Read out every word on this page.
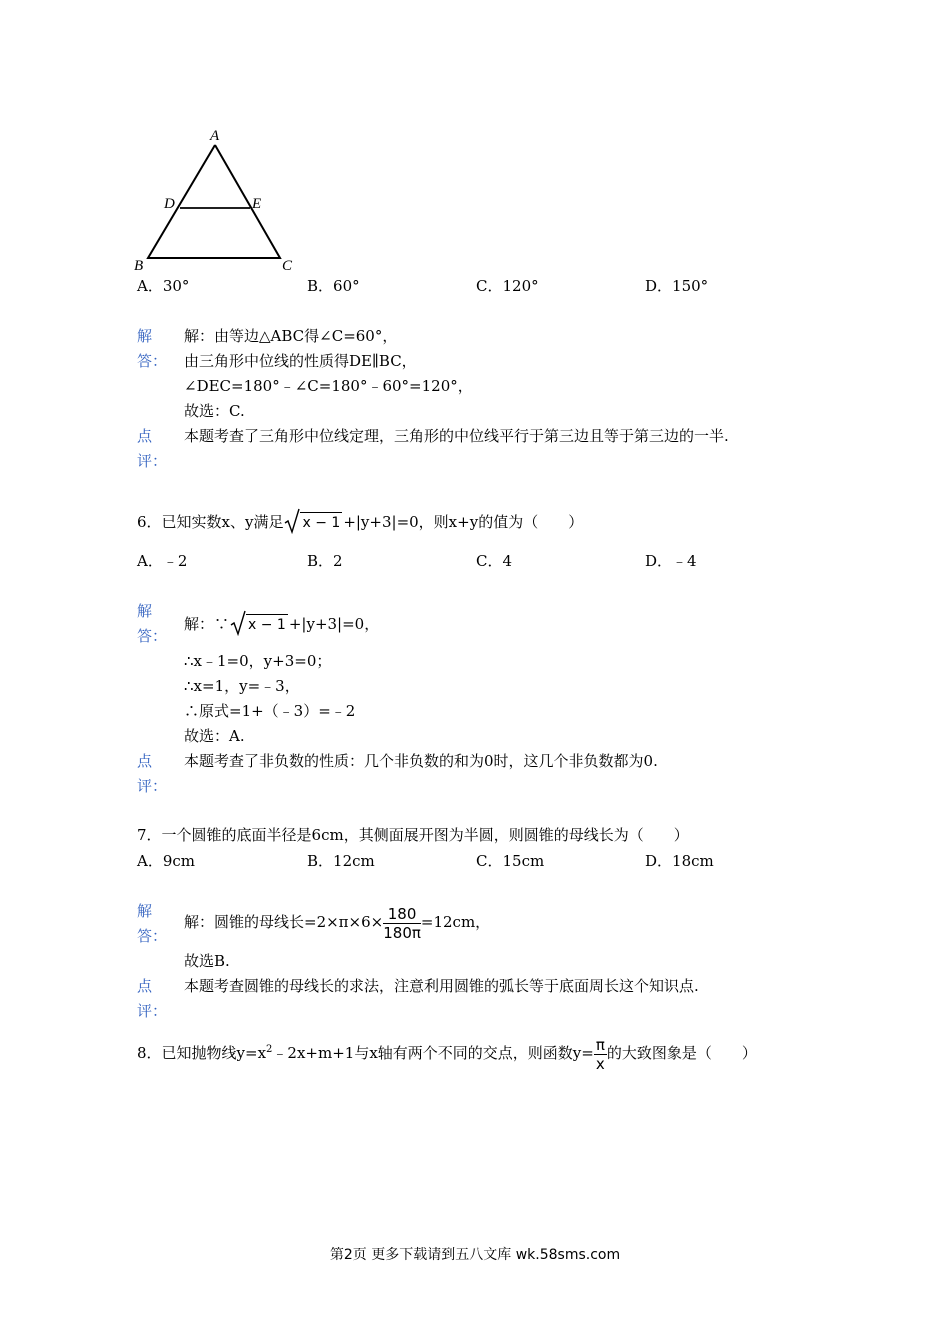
A
D	E
B	C
A．30°	B．60°	C．120°	D．150°
解
答：
解：由等边△ABC得∠C=60°，
由三角形中位线的性质得DE∥BC，
∠DEC=180°﹣∠C=180°﹣60°=120°，
故选：C.
点
评：
本题考查了三角形中位线定理，三角形的中位线平行于第三边且等于第三边的一半.
6．已知实数x、y满足 x − 1 +|y+3|=0，则x+y的值为（　　）
A．﹣2	B．2	C．4	D．﹣4
解
答：
解：∵ x − 1 +|y+3|=0，
∴x﹣1=0，y+3=0；
∴x=1，y=﹣3，
∴原式=1+（﹣3）=﹣2
故选：A.
点
评：
本题考查了非负数的性质：几个非负数的和为0时，这几个非负数都为0.
7．一个圆锥的底面半径是6cm，其侧面展开图为半圆，则圆锥的母线长为（　　）
A．9cm	B．12cm	C．15cm	D．18cm
解
答：
解：圆锥的母线长$=2\times\pi\times 6\times \frac{180}{180\pi} =12cm$，
故选B.
点
评：
本题考查圆锥的母线长的求法，注意利用圆锥的弧长等于底面周长这个知识点.
8．已知抛物线$y=x^2﹣2x+m+1$与x轴有两个不同的交点，则函数$y= \frac{\pi}{x}$ 的大致图象是（　　）
第2页 更多下载请到五八文库 wk.58sms.com
